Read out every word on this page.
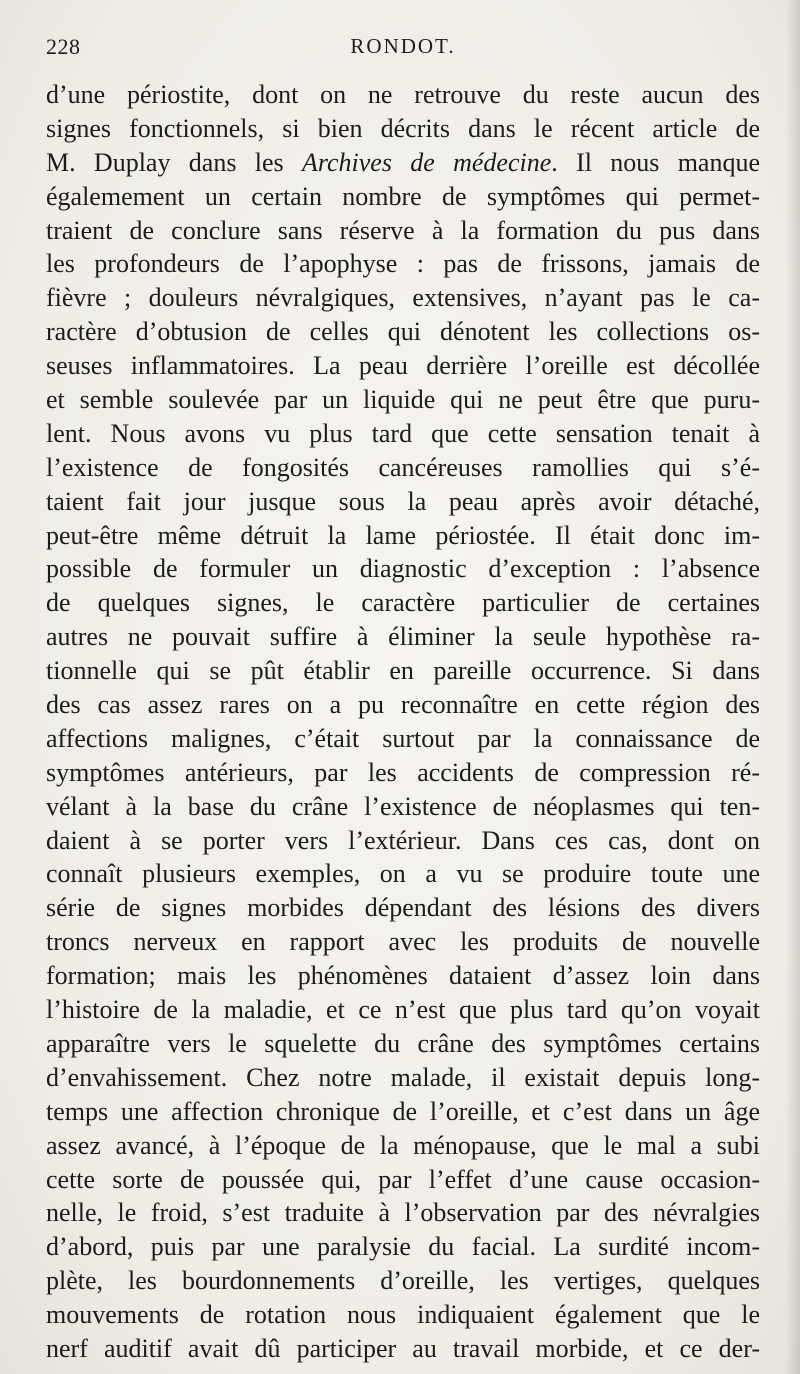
228	RONDOT.
d’une périostite, dont on ne retrouve du reste aucun des
signes fonctionnels, si bien décrits dans le récent article de
M. Duplay dans les Archives de médecine. Il nous manque
égalemement un certain nombre de symptômes qui permet-
traient de conclure sans réserve à la formation du pus dans
les profondeurs de l’apophyse : pas de frissons, jamais de
fièvre ; douleurs névralgiques, extensives, n’ayant pas le ca-
ractère d’obtusion de celles qui dénotent les collections os-
seuses inflammatoires. La peau derrière l’oreille est décollée
et semble soulevée par un liquide qui ne peut être que puru-
lent. Nous avons vu plus tard que cette sensation tenait à
l’existence de fongosités cancéreuses ramollies qui s’é-
taient fait jour jusque sous la peau après avoir détaché,
peut-être même détruit la lame périostée. Il était donc im-
possible de formuler un diagnostic d’exception : l’absence
de quelques signes, le caractère particulier de certaines
autres ne pouvait suffire à éliminer la seule hypothèse ra-
tionnelle qui se pût établir en pareille occurrence. Si dans
des cas assez rares on a pu reconnaître en cette région des
affections malignes, c’était surtout par la connaissance de
symptômes antérieurs, par les accidents de compression ré-
vélant à la base du crâne l’existence de néoplasmes qui ten-
daient à se porter vers l’extérieur. Dans ces cas, dont on
connaît plusieurs exemples, on a vu se produire toute une
série de signes morbides dépendant des lésions des divers
troncs nerveux en rapport avec les produits de nouvelle
formation; mais les phénomènes dataient d’assez loin dans
l’histoire de la maladie, et ce n’est que plus tard qu’on voyait
apparaître vers le squelette du crâne des symptômes certains
d’envahissement. Chez notre malade, il existait depuis long-
temps une affection chronique de l’oreille, et c’est dans un âge
assez avancé, à l’époque de la ménopause, que le mal a subi
cette sorte de poussée qui, par l’effet d’une cause occasion-
nelle, le froid, s’est traduite à l’observation par des névralgies
d’abord, puis par une paralysie du facial. La surdité incom-
plète, les bourdonnements d’oreille, les vertiges, quelques
mouvements de rotation nous indiquaient également que le
nerf auditif avait dû participer au travail morbide, et ce der-
